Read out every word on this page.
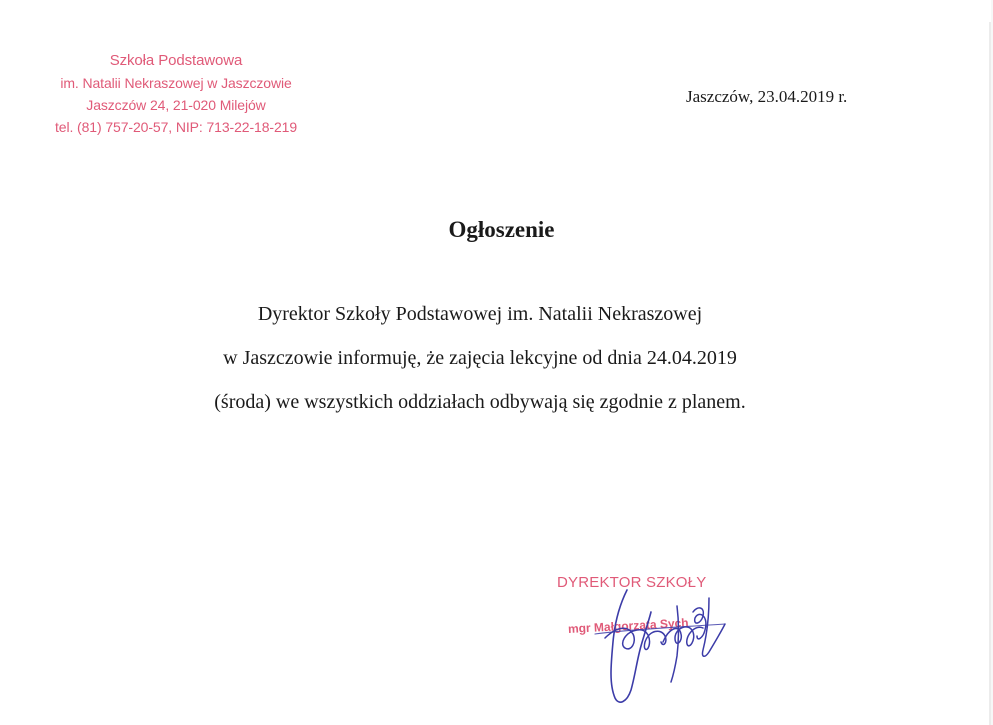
Szkoła Podstawowa
im. Natalii Nekraszowej w Jaszczowie
Jaszczów 24, 21-020 Milejów
tel. (81) 757-20-57, NIP: 713-22-18-219
Jaszczów, 23.04.2019 r.
Ogłoszenie
Dyrektor Szkoły Podstawowej im. Natalii Nekraszowej
w Jaszczowie informuję, że zajęcia lekcyjne od dnia 24.04.2019
(środa) we wszystkich oddziałach odbywają się zgodnie z planem.
DYREKTOR SZKOŁY
mgr Małgorzata Sych
